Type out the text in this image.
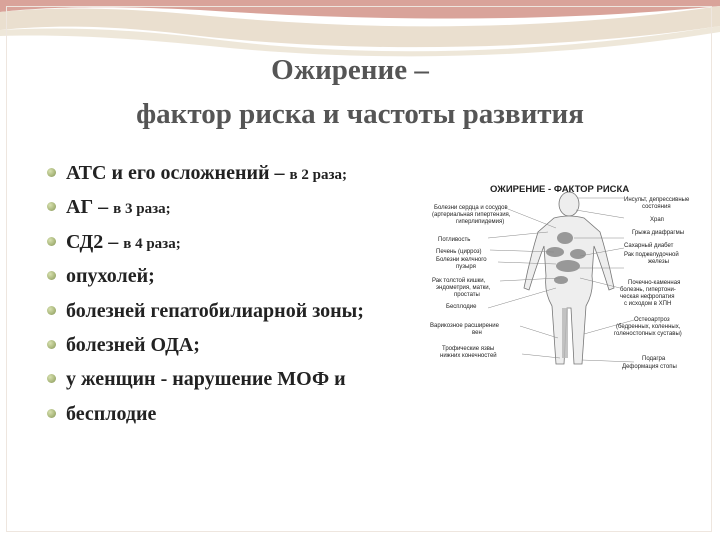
Ожирение –
фактор риска и частоты развития
АТС и его осложнений – в 2 раза;
АГ – в 3 раза;
СД2 – в 4 раза;
опухолей;
болезней гепатобилиарной зоны;
болезней ОДА;
у женщин - нарушение МОФ и
бесплодие
ОЖИРЕНИЕ - ФАКТОР РИСКА
Болезни сердца и сосудов
(артериальная гипертензия,
гиперлипидемия)
Потливость
Печень (цирроз)
Болезни желчного
пузыря
Рак толстой кишки,
эндометрия, матки,
простаты
Бесплодие
Варикозное расширение
вен
Трофические язвы
нижних конечностей
Инсульт, депрессивные
состояния
Храп
Грыжа диафрагмы
Сахарный диабет
Рак поджелудочной
железы
Почечно-каменная
болезнь, гипертони-
ческая нефропатия
с исходом в ХПН
Остеоартроз
(бедренных, коленных,
голеностопных суставы)
Подагра
Деформация стопы
